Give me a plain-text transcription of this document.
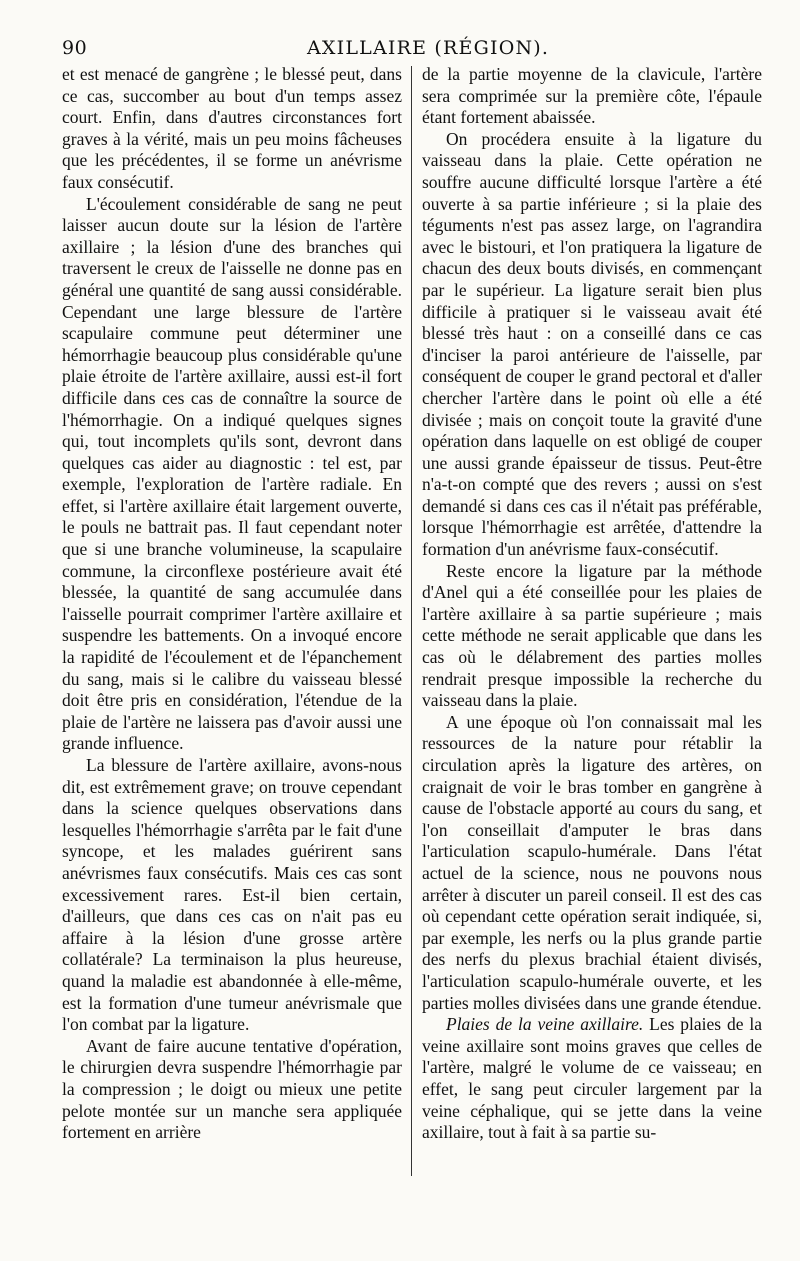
90	AXILLAIRE (RÉGION).

et est menacé de gangrène ; le blessé peut, dans ce cas, succomber au bout d'un temps assez court. Enfin, dans d'autres circonstances fort graves à la vérité, mais un peu moins fâcheuses que les précédentes, il se forme un anévrisme faux consécutif.

L'écoulement considérable de sang ne peut laisser aucun doute sur la lésion de l'artère axillaire ; la lésion d'une des branches qui traversent le creux de l'aisselle ne donne pas en général une quantité de sang aussi considérable. Cependant une large blessure de l'artère scapulaire commune peut déterminer une hémorrhagie beaucoup plus considérable qu'une plaie étroite de l'artère axillaire, aussi est-il fort difficile dans ces cas de connaître la source de l'hémorrhagie. On a indiqué quelques signes qui, tout incomplets qu'ils sont, devront dans quelques cas aider au diagnostic : tel est, par exemple, l'exploration de l'artère radiale. En effet, si l'artère axillaire était largement ouverte, le pouls ne battrait pas. Il faut cependant noter que si une branche volumineuse, la scapulaire commune, la circonflexe postérieure avait été blessée, la quantité de sang accumulée dans l'aisselle pourrait comprimer l'artère axillaire et suspendre les battements. On a invoqué encore la rapidité de l'écoulement et de l'épanchement du sang, mais si le calibre du vaisseau blessé doit être pris en considération, l'étendue de la plaie de l'artère ne laissera pas d'avoir aussi une grande influence.

La blessure de l'artère axillaire, avons-nous dit, est extrêmement grave; on trouve cependant dans la science quelques observations dans lesquelles l'hémorrhagie s'arrêta par le fait d'une syncope, et les malades guérirent sans anévrismes faux consécutifs. Mais ces cas sont excessivement rares. Est-il bien certain, d'ailleurs, que dans ces cas on n'ait pas eu affaire à la lésion d'une grosse artère collatérale? La terminaison la plus heureuse, quand la maladie est abandonnée à elle-même, est la formation d'une tumeur anévrismale que l'on combat par la ligature.

Avant de faire aucune tentative d'opération, le chirurgien devra suspendre l'hémorrhagie par la compression ; le doigt ou mieux une petite pelote montée sur un manche sera appliquée fortement en arrière

de la partie moyenne de la clavicule, l'artère sera comprimée sur la première côte, l'épaule étant fortement abaissée.

On procédera ensuite à la ligature du vaisseau dans la plaie. Cette opération ne souffre aucune difficulté lorsque l'artère a été ouverte à sa partie inférieure ; si la plaie des téguments n'est pas assez large, on l'agrandira avec le bistouri, et l'on pratiquera la ligature de chacun des deux bouts divisés, en commençant par le supérieur. La ligature serait bien plus difficile à pratiquer si le vaisseau avait été blessé très haut : on a conseillé dans ce cas d'inciser la paroi antérieure de l'aisselle, par conséquent de couper le grand pectoral et d'aller chercher l'artère dans le point où elle a été divisée ; mais on conçoit toute la gravité d'une opération dans laquelle on est obligé de couper une aussi grande épaisseur de tissus. Peut-être n'a-t-on compté que des revers ; aussi on s'est demandé si dans ces cas il n'était pas préférable, lorsque l'hémorrhagie est arrêtée, d'attendre la formation d'un anévrisme faux-consécutif.

Reste encore la ligature par la méthode d'Anel qui a été conseillée pour les plaies de l'artère axillaire à sa partie supérieure ; mais cette méthode ne serait applicable que dans les cas où le délabrement des parties molles rendrait presque impossible la recherche du vaisseau dans la plaie.

A une époque où l'on connaissait mal les ressources de la nature pour rétablir la circulation après la ligature des artères, on craignait de voir le bras tomber en gangrène à cause de l'obstacle apporté au cours du sang, et l'on conseillait d'amputer le bras dans l'articulation scapulo-humérale. Dans l'état actuel de la science, nous ne pouvons nous arrêter à discuter un pareil conseil. Il est des cas où cependant cette opération serait indiquée, si, par exemple, les nerfs ou la plus grande partie des nerfs du plexus brachial étaient divisés, l'articulation scapulo-humérale ouverte, et les parties molles divisées dans une grande étendue.

Plaies de la veine axillaire. Les plaies de la veine axillaire sont moins graves que celles de l'artère, malgré le volume de ce vaisseau; en effet, le sang peut circuler largement par la veine céphalique, qui se jette dans la veine axillaire, tout à fait à sa partie su-
